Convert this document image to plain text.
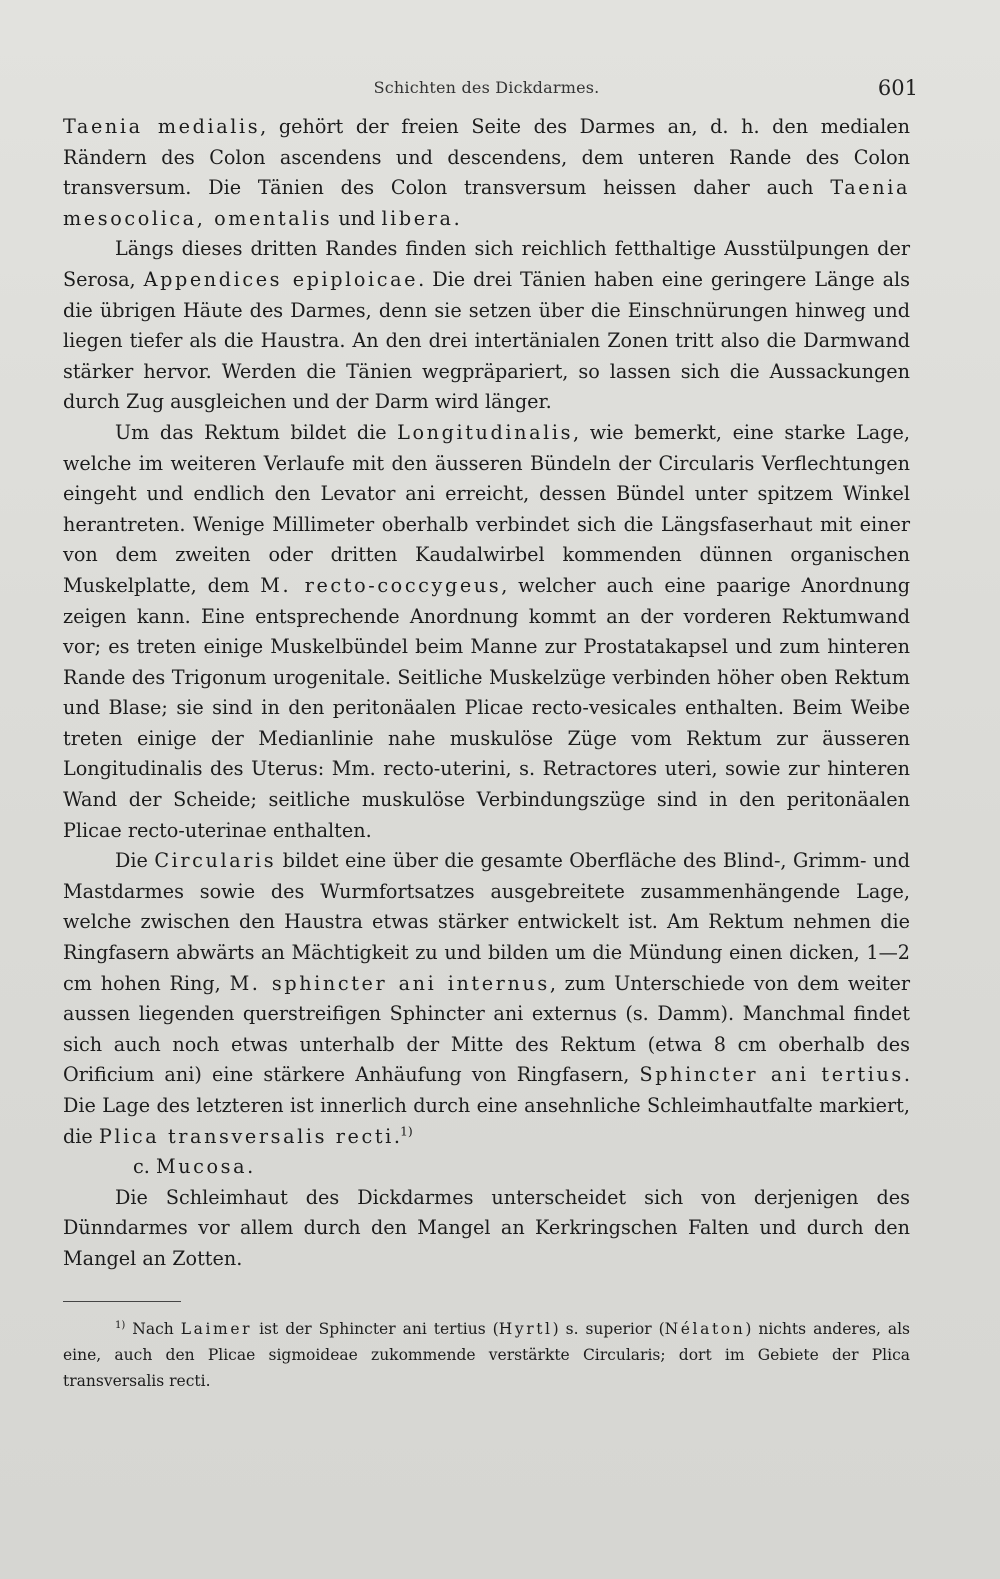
Schichten des Dickdarmes.	601

Taenia medialis, gehört der freien Seite des Darmes an, d. h. den medialen Rändern des Colon ascendens und descendens, dem unteren Rande des Colon transversum. Die Tänien des Colon transversum heissen daher auch Taenia mesocolica, omentalis und libera.

Längs dieses dritten Randes finden sich reichlich fetthaltige Ausstülpungen der Serosa, Appendices epiploicae. Die drei Tänien haben eine geringere Länge als die übrigen Häute des Darmes, denn sie setzen über die Einschnürungen hinweg und liegen tiefer als die Haustra. An den drei intertänialen Zonen tritt also die Darmwand stärker hervor. Werden die Tänien wegpräpariert, so lassen sich die Aussackungen durch Zug ausgleichen und der Darm wird länger.

Um das Rektum bildet die Longitudinalis, wie bemerkt, eine starke Lage, welche im weiteren Verlaufe mit den äusseren Bündeln der Circularis Verflechtungen eingeht und endlich den Levator ani erreicht, dessen Bündel unter spitzem Winkel herantreten. Wenige Millimeter oberhalb verbindet sich die Längsfaserhaut mit einer von dem zweiten oder dritten Kaudalwirbel kommenden dünnen organischen Muskelplatte, dem M. recto-coccygeus, welcher auch eine paarige Anordnung zeigen kann. Eine entsprechende Anordnung kommt an der vorderen Rektumwand vor; es treten einige Muskelbündel beim Manne zur Prostatakapsel und zum hinteren Rande des Trigonum urogenitale. Seitliche Muskelzüge verbinden höher oben Rektum und Blase; sie sind in den peritonäalen Plicae recto-vesicales enthalten. Beim Weibe treten einige der Medianlinie nahe muskulöse Züge vom Rektum zur äusseren Longitudinalis des Uterus: Mm. recto-uterini, s. Retractores uteri, sowie zur hinteren Wand der Scheide; seitliche muskulöse Verbindungszüge sind in den peritonäalen Plicae recto-uterinae enthalten.

Die Circularis bildet eine über die gesamte Oberfläche des Blind-, Grimm- und Mastdarmes sowie des Wurmfortsatzes ausgebreitete zusammenhängende Lage, welche zwischen den Haustra etwas stärker entwickelt ist. Am Rektum nehmen die Ringfasern abwärts an Mächtigkeit zu und bilden um die Mündung einen dicken, 1—2 cm hohen Ring, M. sphincter ani internus, zum Unterschiede von dem weiter aussen liegenden querstreifigen Sphincter ani externus (s. Damm). Manchmal findet sich auch noch etwas unterhalb der Mitte des Rektum (etwa 8 cm oberhalb des Orificium ani) eine stärkere Anhäufung von Ringfasern, Sphincter ani tertius. Die Lage des letzteren ist innerlich durch eine ansehnliche Schleimhautfalte markiert, die Plica transversalis recti.$^{1)}$

c. Mucosa.

Die Schleimhaut des Dickdarmes unterscheidet sich von derjenigen des Dünndarmes vor allem durch den Mangel an Kerkringschen Falten und durch den Mangel an Zotten.

$^{1)}$ Nach Laimer ist der Sphincter ani tertius (Hyrtl) s. superior (Nélaton) nichts anderes, als eine, auch den Plicae sigmoideae zukommende verstärkte Circularis; dort im Gebiete der Plica transversalis recti.
